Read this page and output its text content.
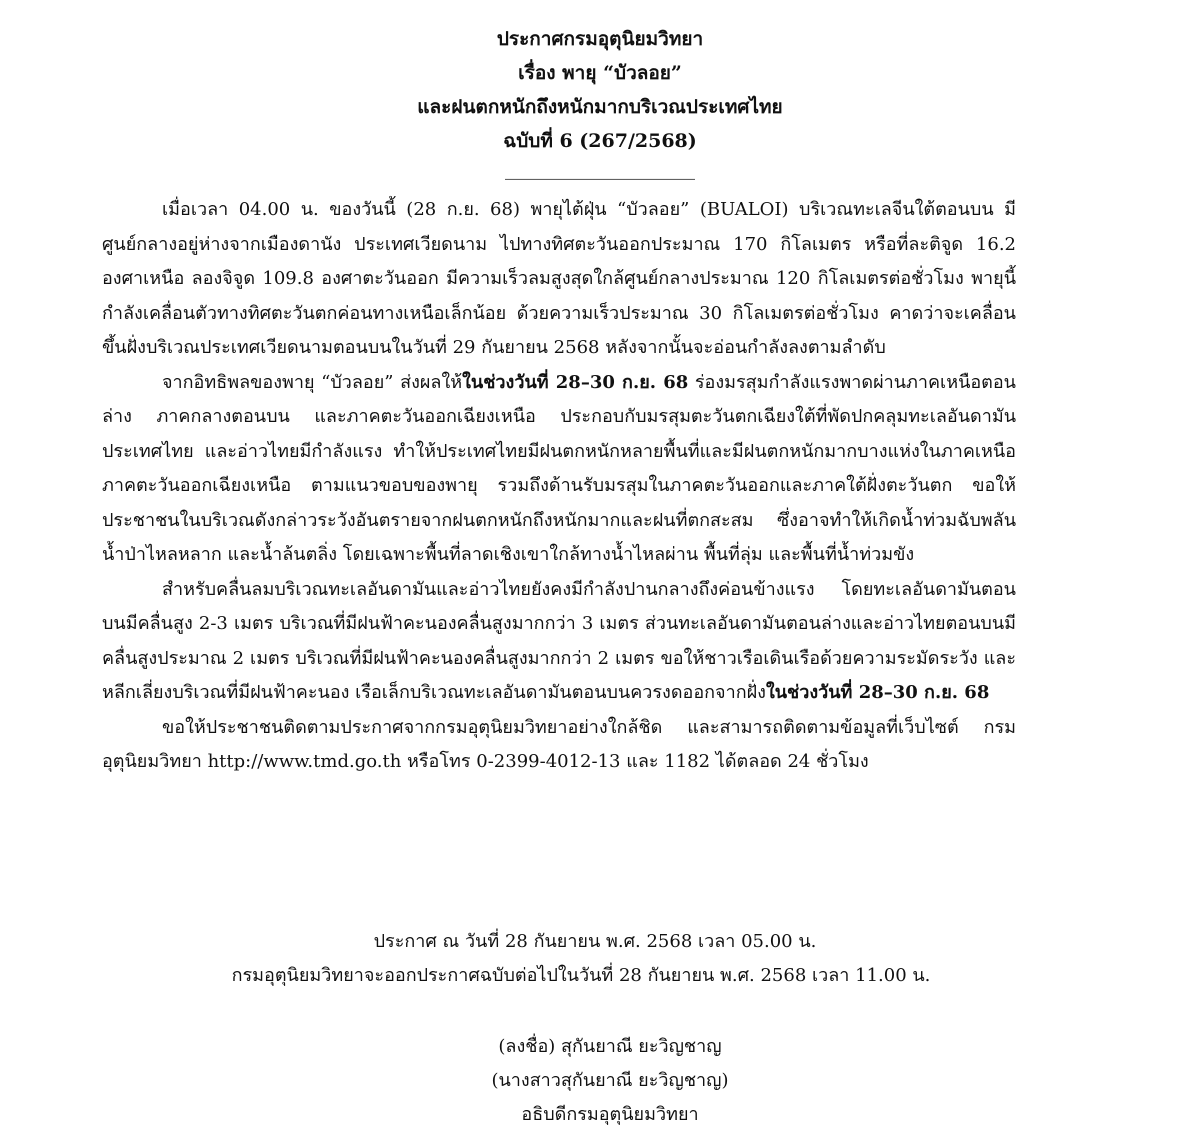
ประกาศกรมอุตุนิยมวิทยา
เรื่อง พายุ “บัวลอย”
และฝนตกหนักถึงหนักมากบริเวณประเทศไทย
ฉบับที่ 6 (267/2568)
____________________

เมื่อเวลา 04.00 น. ของวันนี้ (28 ก.ย. 68) พายุไต้ฝุ่น “บัวลอย” (BUALOI) บริเวณทะเลจีนใต้ตอนบน มีศูนย์กลางอยู่ห่างจากเมืองดานัง ประเทศเวียดนาม ไปทางทิศตะวันออกประมาณ 170 กิโลเมตร หรือที่ละติจูด 16.2 องศาเหนือ ลองจิจูด 109.8 องศาตะวันออก มีความเร็วลมสูงสุดใกล้ศูนย์กลางประมาณ 120 กิโลเมตรต่อชั่วโมง พายุนี้กำลังเคลื่อนตัวทางทิศตะวันตกค่อนทางเหนือเล็กน้อย ด้วยความเร็วประมาณ 30 กิโลเมตรต่อชั่วโมง คาดว่าจะเคลื่อนขึ้นฝั่งบริเวณประเทศเวียดนามตอนบนในวันที่ 29 กันยายน 2568 หลังจากนั้นจะอ่อนกำลังลงตามลำดับ

จากอิทธิพลของพายุ “บัวลอย” ส่งผลให้ในช่วงวันที่ 28–30 ก.ย. 68 ร่องมรสุมกำลังแรงพาดผ่านภาคเหนือตอนล่าง ภาคกลางตอนบน และภาคตะวันออกเฉียงเหนือ ประกอบกับมรสุมตะวันตกเฉียงใต้ที่พัดปกคลุมทะเลอันดามัน ประเทศไทย และอ่าวไทยมีกำลังแรง ทำให้ประเทศไทยมีฝนตกหนักหลายพื้นที่และมีฝนตกหนักมากบางแห่งในภาคเหนือ ภาคตะวันออกเฉียงเหนือ ตามแนวขอบของพายุ รวมถึงด้านรับมรสุมในภาคตะวันออกและภาคใต้ฝั่งตะวันตก ขอให้ประชาชนในบริเวณดังกล่าวระวังอันตรายจากฝนตกหนักถึงหนักมากและฝนที่ตกสะสม ซึ่งอาจทำให้เกิดน้ำท่วมฉับพลัน น้ำป่าไหลหลาก และน้ำล้นตลิ่ง โดยเฉพาะพื้นที่ลาดเชิงเขาใกล้ทางน้ำไหลผ่าน พื้นที่ลุ่ม และพื้นที่น้ำท่วมขัง

สำหรับคลื่นลมบริเวณทะเลอันดามันและอ่าวไทยยังคงมีกำลังปานกลางถึงค่อนข้างแรง โดยทะเลอันดามันตอนบนมีคลื่นสูง 2-3 เมตร บริเวณที่มีฝนฟ้าคะนองคลื่นสูงมากกว่า 3 เมตร ส่วนทะเลอันดามันตอนล่างและอ่าวไทยตอนบนมีคลื่นสูงประมาณ 2 เมตร บริเวณที่มีฝนฟ้าคะนองคลื่นสูงมากกว่า 2 เมตร ขอให้ชาวเรือเดินเรือด้วยความระมัดระวัง และหลีกเลี่ยงบริเวณที่มีฝนฟ้าคะนอง เรือเล็กบริเวณทะเลอันดามันตอนบนควรงดออกจากฝั่งในช่วงวันที่ 28–30 ก.ย. 68

ขอให้ประชาชนติดตามประกาศจากกรมอุตุนิยมวิทยาอย่างใกล้ชิด และสามารถติดตามข้อมูลที่เว็บไซต์ กรมอุตุนิยมวิทยา http://www.tmd.go.th หรือโทร 0-2399-4012-13 และ 1182 ได้ตลอด 24 ชั่วโมง

ประกาศ ณ วันที่ 28 กันยายน พ.ศ. 2568 เวลา 05.00 น.
กรมอุตุนิยมวิทยาจะออกประกาศฉบับต่อไปในวันที่ 28 กันยายน พ.ศ. 2568 เวลา 11.00 น.
(ลงชื่อ) สุกันยาณี ยะวิญชาญ
(นางสาวสุกันยาณี ยะวิญชาญ)
อธิบดีกรมอุตุนิยมวิทยา
